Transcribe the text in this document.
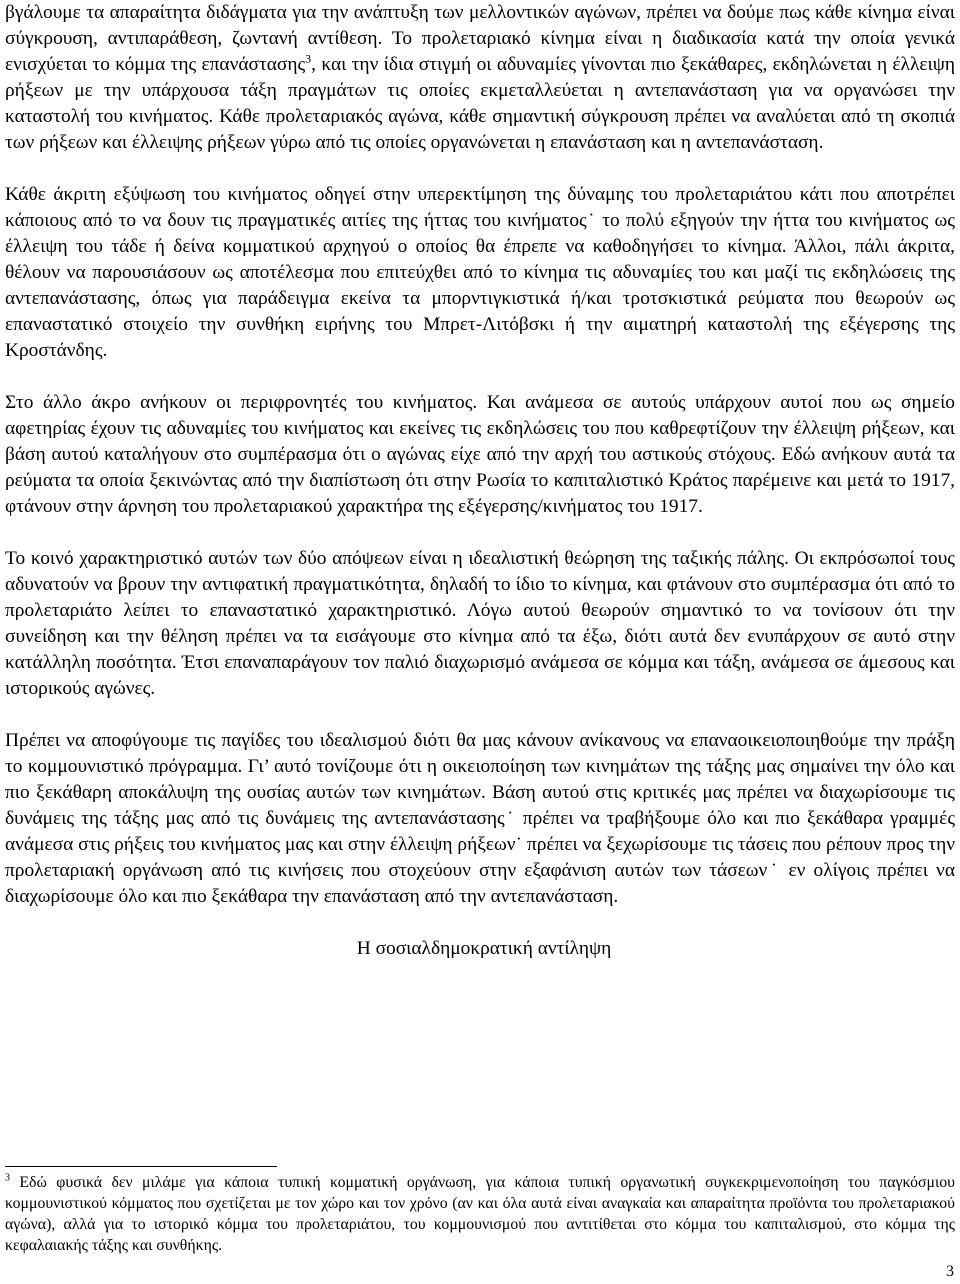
βγάλουμε τα απαραίτητα διδάγματα για την ανάπτυξη των μελλοντικών αγώνων, πρέπει να δούμε πως κάθε κίνημα είναι σύγκρουση, αντιπαράθεση, ζωντανή αντίθεση. Το προλεταριακό κίνημα είναι η διαδικασία κατά την οποία γενικά ενισχύεται το κόμμα της επανάστασης$^3$, και την ίδια στιγμή οι αδυναμίες γίνονται πιο ξεκάθαρες, εκδηλώνεται η έλλειψη ρήξεων με την υπάρχουσα τάξη πραγμάτων τις οποίες εκμεταλλεύεται η αντεπανάσταση για να οργανώσει την καταστολή του κινήματος. Κάθε προλεταριακός αγώνα, κάθε σημαντική σύγκρουση πρέπει να αναλύεται από τη σκοπιά των ρήξεων και έλλειψης ρήξεων γύρω από τις οποίες οργανώνεται η επανάσταση και η αντεπανάσταση.

Κάθε άκριτη εξύψωση του κινήματος οδηγεί στην υπερεκτίμηση της δύναμης του προλεταριάτου κάτι που αποτρέπει κάποιους από το να δουν τις πραγματικές αιτίες της ήττας του κινήματος˙ το πολύ εξηγούν την ήττα του κινήματος ως έλλειψη του τάδε ή δείνα κομματικού αρχηγού ο οποίος θα έπρεπε να καθοδηγήσει το κίνημα. Άλλοι, πάλι άκριτα, θέλουν να παρουσιάσουν ως αποτέλεσμα που επιτεύχθει από το κίνημα τις αδυναμίες του και μαζί τις εκδηλώσεις της αντεπανάστασης, όπως για παράδειγμα εκείνα τα μπορντιγκιστικά ή/και τροτσκιστικά ρεύματα που θεωρούν ως επαναστατικό στοιχείο την συνθήκη ειρήνης του Μπρετ-Λιτόβσκι ή την αιματηρή καταστολή της εξέγερσης της Κροστάνδης.

Στο άλλο άκρο ανήκουν οι περιφρονητές του κινήματος. Και ανάμεσα σε αυτούς υπάρχουν αυτοί που ως σημείο αφετηρίας έχουν τις αδυναμίες του κινήματος και εκείνες τις εκδηλώσεις του που καθρεφτίζουν την έλλειψη ρήξεων, και βάση αυτού καταλήγουν στο συμπέρασμα ότι ο αγώνας είχε από την αρχή του αστικούς στόχους. Εδώ ανήκουν αυτά τα ρεύματα τα οποία ξεκινώντας από την διαπίστωση ότι στην Ρωσία το καπιταλιστικό Κράτος παρέμεινε και μετά το 1917, φτάνουν στην άρνηση του προλεταριακού χαρακτήρα της εξέγερσης/κινήματος του 1917.

Το κοινό χαρακτηριστικό αυτών των δύο απόψεων είναι η ιδεαλιστική θεώρηση της ταξικής πάλης. Οι εκπρόσωποί τους αδυνατούν να βρουν την αντιφατική πραγματικότητα, δηλαδή το ίδιο το κίνημα, και φτάνουν στο συμπέρασμα ότι από το προλεταριάτο λείπει το επαναστατικό χαρακτηριστικό. Λόγω αυτού θεωρούν σημαντικό το να τονίσουν ότι την συνείδηση και την θέληση πρέπει να τα εισάγουμε στο κίνημα από τα έξω, διότι αυτά δεν ενυπάρχουν σε αυτό στην κατάλληλη ποσότητα. Έτσι επαναπαράγουν τον παλιό διαχωρισμό ανάμεσα σε κόμμα και τάξη, ανάμεσα σε άμεσους και ιστορικούς αγώνες.

Πρέπει να αποφύγουμε τις παγίδες του ιδεαλισμού διότι θα μας κάνουν ανίκανους να επαναοικειοποιηθούμε την πράξη το κομμουνιστικό πρόγραμμα. Γι’ αυτό τονίζουμε ότι η οικειοποίηση των κινημάτων της τάξης μας σημαίνει την όλο και πιο ξεκάθαρη αποκάλυψη της ουσίας αυτών των κινημάτων. Βάση αυτού στις κριτικές μας πρέπει να διαχωρίσουμε τις δυνάμεις της τάξης μας από τις δυνάμεις της αντεπανάστασης˙ πρέπει να τραβήξουμε όλο και πιο ξεκάθαρα γραμμές ανάμεσα στις ρήξεις του κινήματος μας και στην έλλειψη ρήξεων˙ πρέπει να ξεχωρίσουμε τις τάσεις που ρέπουν προς την προλεταριακή οργάνωση από τις κινήσεις που στοχεύουν στην εξαφάνιση αυτών των τάσεων˙ εν ολίγοις πρέπει να διαχωρίσουμε όλο και πιο ξεκάθαρα την επανάσταση από την αντεπανάσταση.

Η σοσιαλδημοκρατική αντίληψη

$^3$ Εδώ φυσικά δεν μιλάμε για κάποια τυπική κομματική οργάνωση, για κάποια τυπική οργανωτική συγκεκριμενοποίηση του παγκόσμιου κομμουνιστικού κόμματος που σχετίζεται με τον χώρο και τον χρόνο (αν και όλα αυτά είναι αναγκαία και απαραίτητα προϊόντα του προλεταριακού αγώνα), αλλά για το ιστορικό κόμμα του προλεταριάτου, του κομμουνισμού που αντιτίθεται στο κόμμα του καπιταλισμού, στο κόμμα της κεφαλαιακής τάξης και συνθήκης.

3
